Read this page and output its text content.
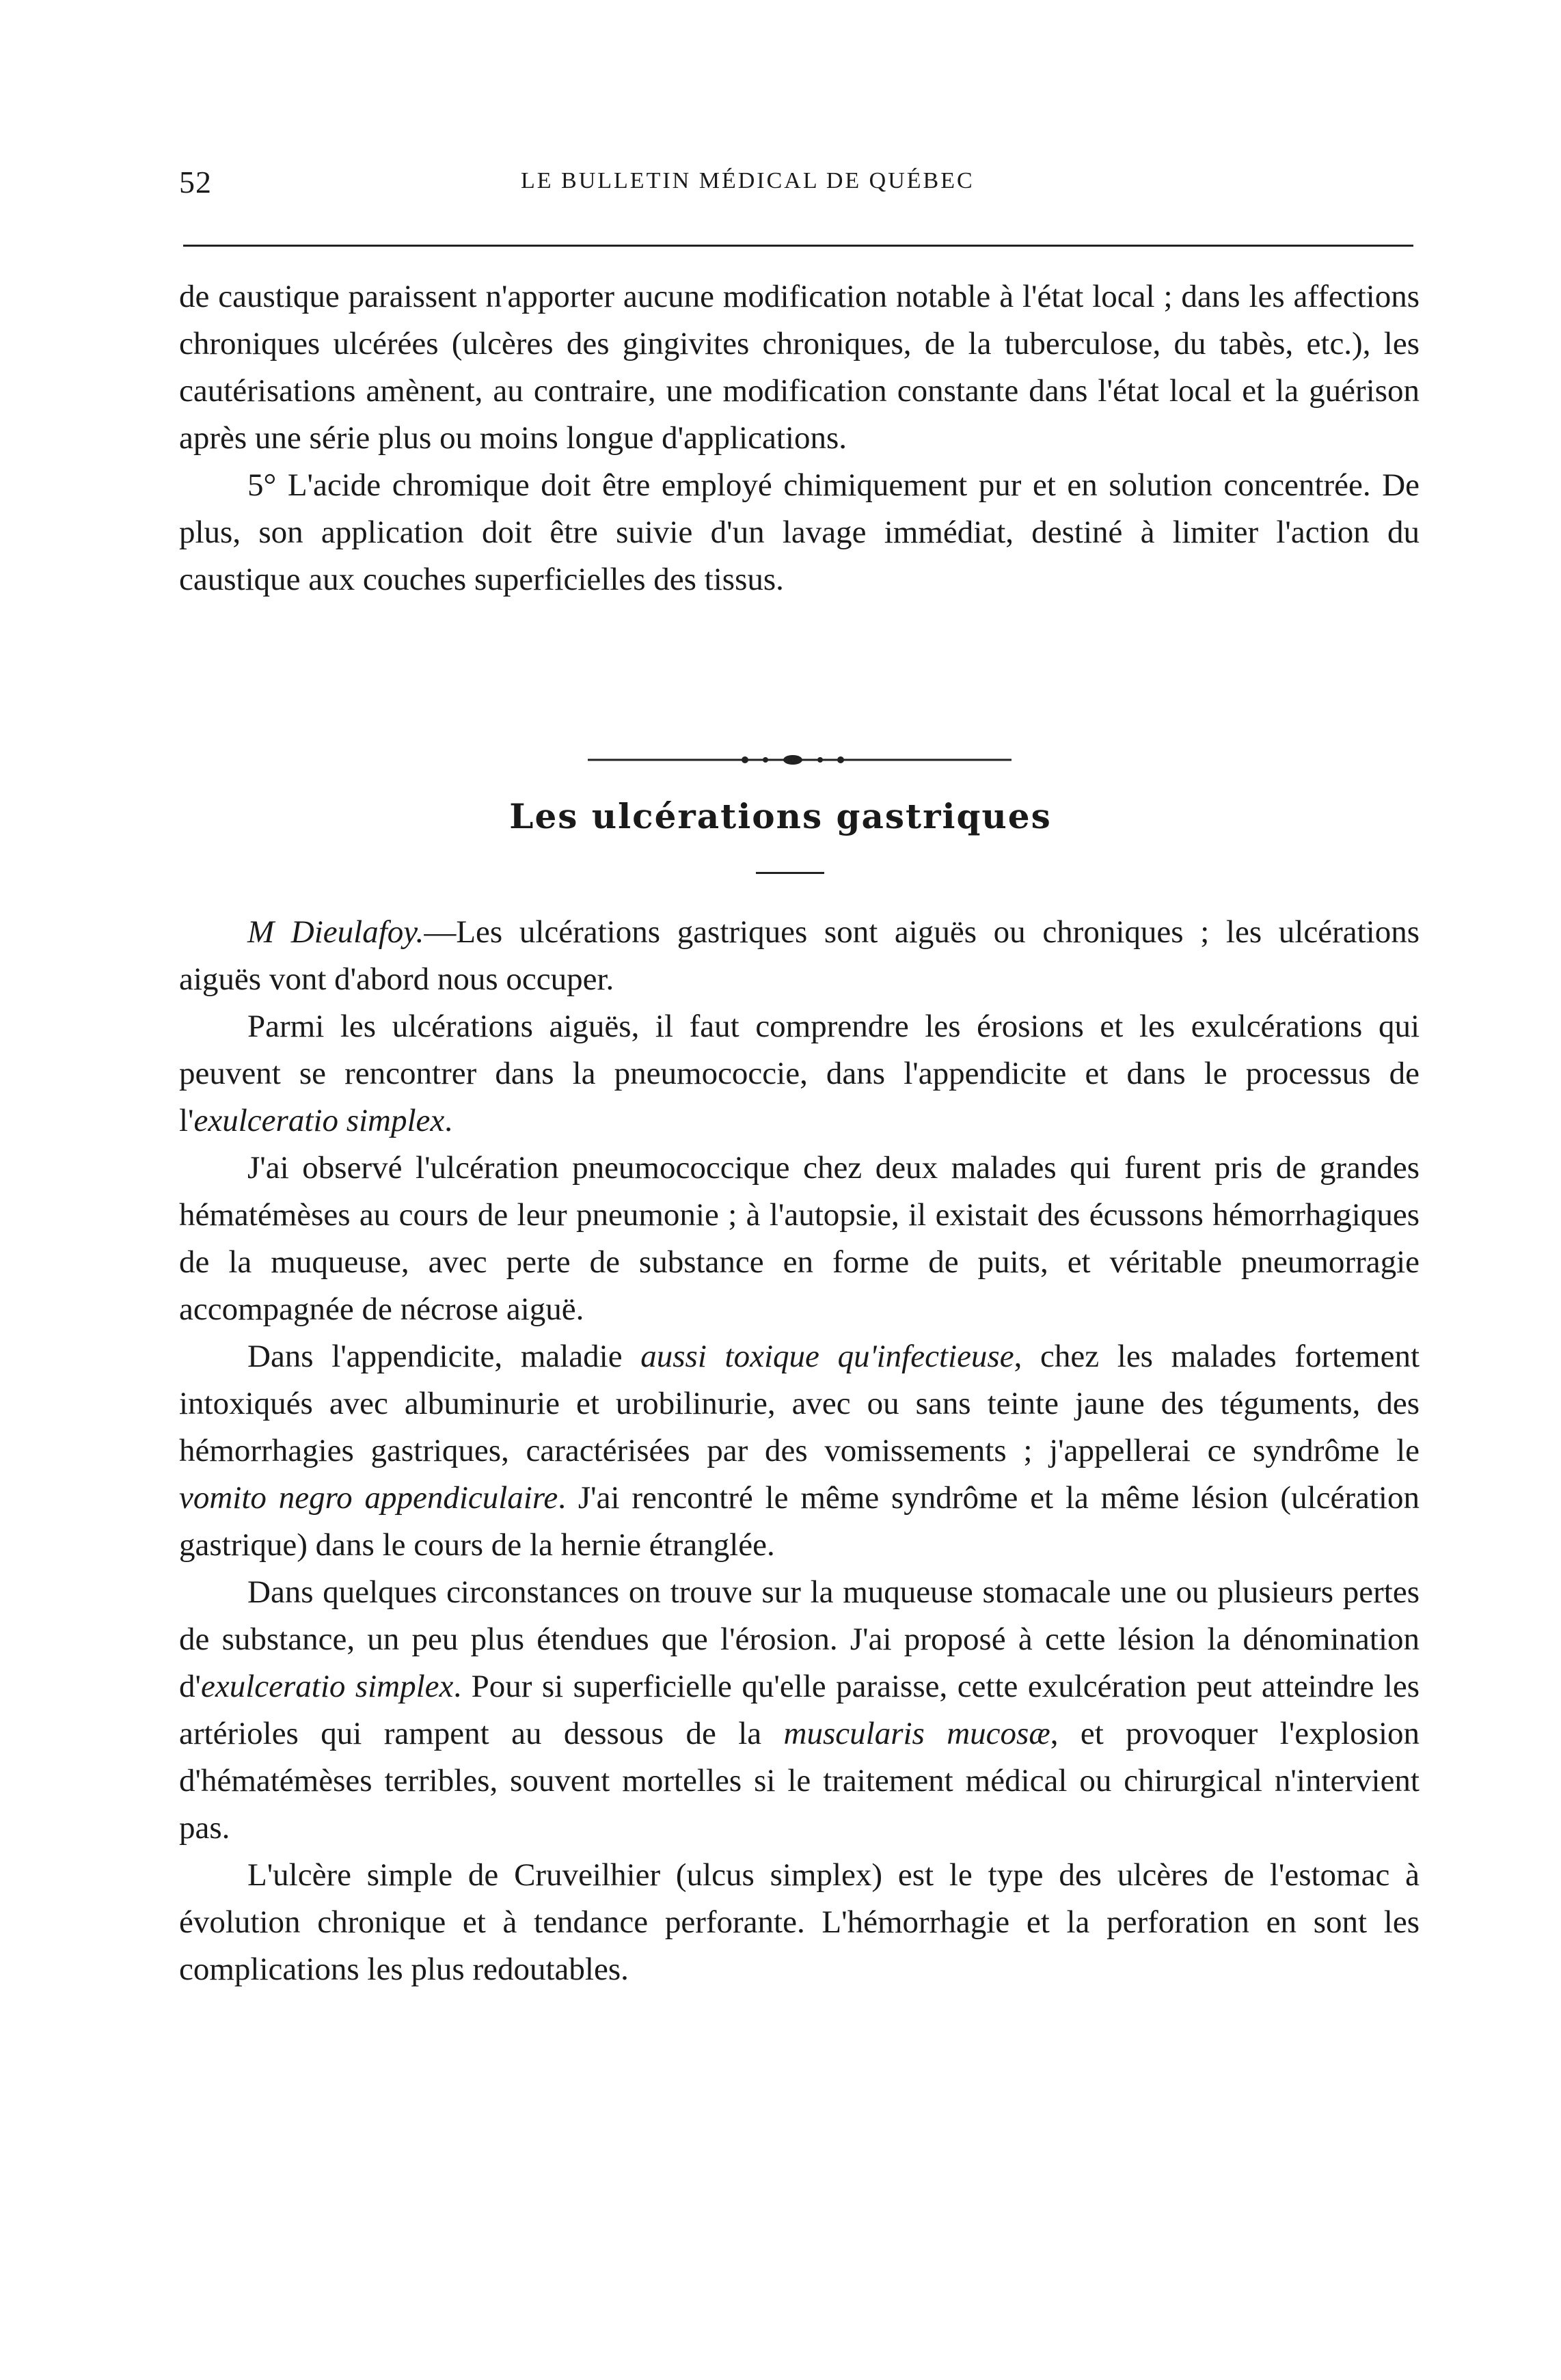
52	LE BULLETIN MÉDICAL DE QUÉBEC

de caustique paraissent n'apporter aucune modification notable à l'état local ; dans les affections chroniques ulcérées (ulcères des gingivites chroniques, de la tuberculose, du tabès, etc.), les cautérisations amènent, au contraire, une modification constante dans l'état local et la guérison après une série plus ou moins longue d'applications.

5° L'acide chromique doit être employé chimiquement pur et en solution concentrée. De plus, son application doit être suivie d'un lavage immédiat, destiné à limiter l'action du caustique aux couches superficielles des tissus.

Les ulcérations gastriques

M Dieulafoy.—Les ulcérations gastriques sont aiguës ou chroniques ; les ulcérations aiguës vont d'abord nous occuper.

Parmi les ulcérations aiguës, il faut comprendre les érosions et les exulcérations qui peuvent se rencontrer dans la pneumococcie, dans l'appendicite et dans le processus de l'exulceratio simplex.

J'ai observé l'ulcération pneumococcique chez deux malades qui furent pris de grandes hématémèses au cours de leur pneumonie ; à l'autopsie, il existait des écussons hémorrhagiques de la muqueuse, avec perte de substance en forme de puits, et véritable pneumorragie accompagnée de nécrose aiguë.

Dans l'appendicite, maladie aussi toxique qu'infectieuse, chez les malades fortement intoxiqués avec albuminurie et urobilinurie, avec ou sans teinte jaune des téguments, des hémorrhagies gastriques, caractérisées par des vomissements ; j'appellerai ce syndrôme le vomito negro appendiculaire. J'ai rencontré le même syndrôme et la même lésion (ulcération gastrique) dans le cours de la hernie étranglée.

Dans quelques circonstances on trouve sur la muqueuse stomacale une ou plusieurs pertes de substance, un peu plus étendues que l'érosion. J'ai proposé à cette lésion la dénomination d'exulceratio simplex. Pour si superficielle qu'elle paraisse, cette exulcération peut atteindre les artérioles qui rampent au dessous de la muscularis mucosæ, et provoquer l'explosion d'hématémèses terribles, souvent mortelles si le traitement médical ou chirurgical n'intervient pas.

L'ulcère simple de Cruveilhier (ulcus simplex) est le type des ulcères de l'estomac à évolution chronique et à tendance perforante. L'hémorrhagie et la perforation en sont les complications les plus redoutables.
